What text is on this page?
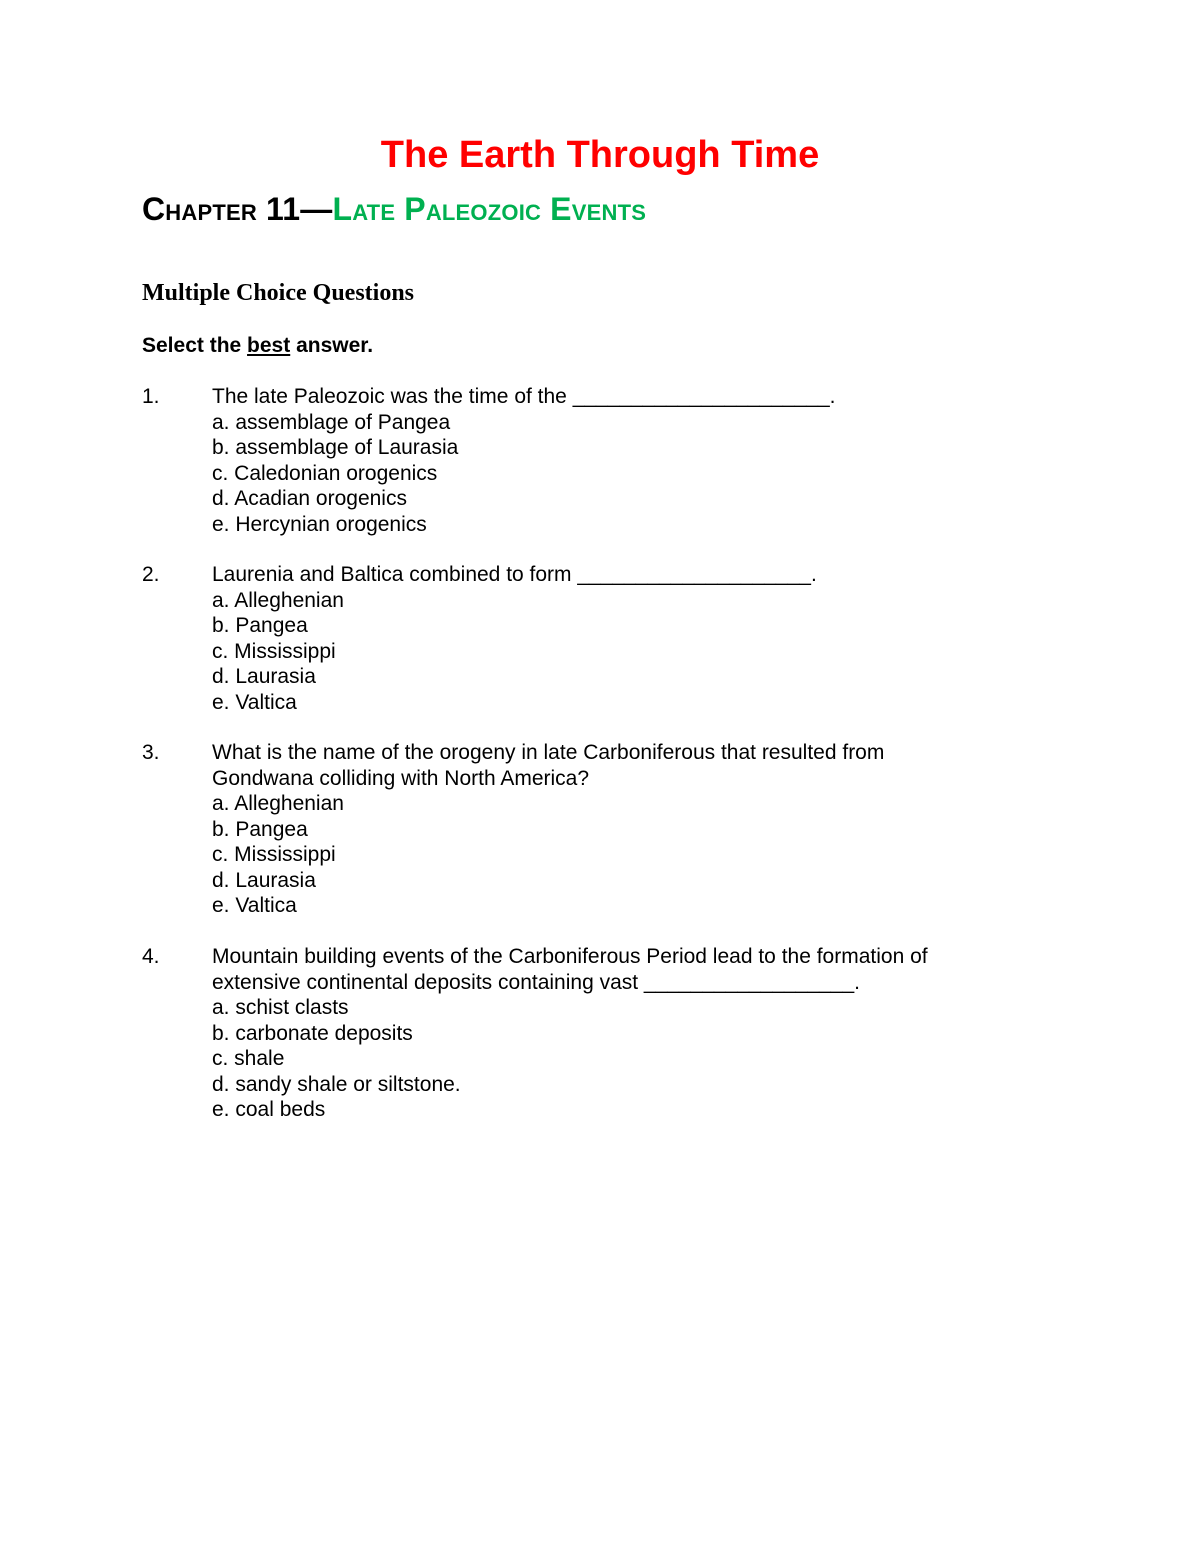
The Earth Through Time
Chapter 11—Late Paleozoic Events
Multiple Choice Questions
Select the best answer.
1. The late Paleozoic was the time of the ______________________.
a. assemblage of Pangea
b. assemblage of Laurasia
c. Caledonian orogenics
d. Acadian orogenics
e. Hercynian orogenics
2. Laurenia and Baltica combined to form ____________________.
a. Alleghenian
b. Pangea
c. Mississippi
d. Laurasia
e. Valtica
3. What is the name of the orogeny in late Carboniferous that resulted from
Gondwana colliding with North America?
a. Alleghenian
b. Pangea
c. Mississippi
d. Laurasia
e. Valtica
4. Mountain building events of the Carboniferous Period lead to the formation of
extensive continental deposits containing vast __________________.
a. schist clasts
b. carbonate deposits
c. shale
d. sandy shale or siltstone.
e. coal beds
